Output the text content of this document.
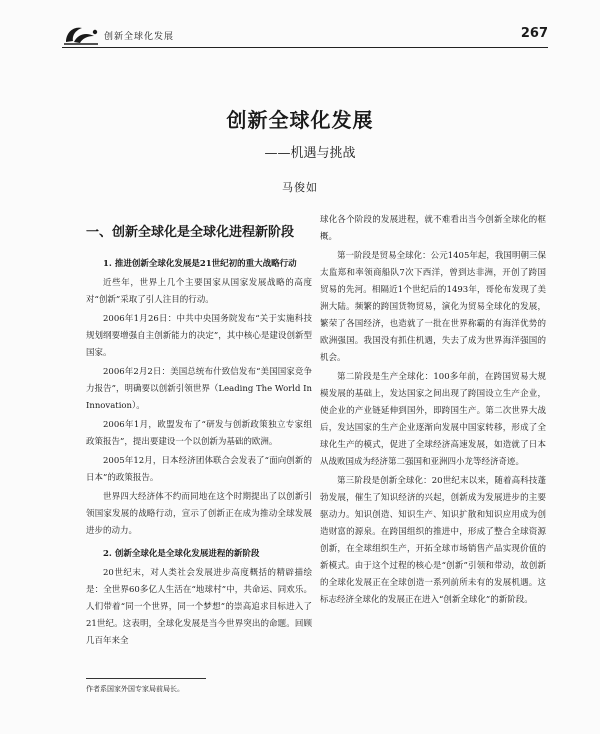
创新全球化发展	267
创新全球化发展
——机遇与挑战
马俊如
一、创新全球化是全球化进程新阶段
1. 推进创新全球化发展是21世纪初的重大战略行动

近些年，世界上几个主要国家从国家发展战略的高度对“创新”采取了引人注目的行动。

2006年1月26日：中共中央国务院发布“关于实施科技规划纲要增强自主创新能力的决定”，其中核心是建设创新型国家。

2006年2月2日：美国总统布什致信发布“美国国家竞争力报告”，明确要以创新引领世界（Leading The World In Innovation）。

2006年1月，欧盟发布了“研发与创新政策独立专家组政策报告”，提出要建设一个以创新为基础的欧洲。

2005年12月，日本经济团体联合会发表了“面向创新的日本”的政策报告。

世界四大经济体不约而同地在这个时期提出了以创新引领国家发展的战略行动，宣示了创新正在成为推动全球发展进步的动力。

2. 创新全球化是全球化发展进程的新阶段

20世纪末，对人类社会发展进步高度概括的精辟描绘是：全世界60多亿人生活在“地球村”中，共命运、同欢乐。人们带着“同一个世界，同一个梦想”的崇高追求目标进入了21世纪。这表明，全球化发展是当今世界突出的命题。回顾几百年来全

球化各个阶段的发展进程，就不难看出当今创新全球化的框概。

第一阶段是贸易全球化：公元1405年起，我国明朝三保太监郑和率领商船队7次下西洋，曾到达非洲，开创了跨国贸易的先河。相隔近1个世纪后的1493年，哥伦布发现了美洲大陆。频繁的跨国货物贸易，演化为贸易全球化的发展，繁荣了各国经济，也造就了一批在世界称霸的有海洋优势的欧洲强国。我国没有抓住机遇，失去了成为世界海洋强国的机会。

第二阶段是生产全球化：100多年前，在跨国贸易大规模发展的基础上，发达国家之间出现了跨国设立生产企业，使企业的产业链延伸到国外，即跨国生产。第二次世界大战后，发达国家的生产企业逐渐向发展中国家转移，形成了全球化生产的模式，促进了全球经济高速发展，如造就了日本从战败国成为经济第二强国和亚洲四小龙等经济奇迹。

第三阶段是创新全球化：20世纪末以来，随着高科技蓬勃发展，催生了知识经济的兴起，创新成为发展进步的主要驱动力。知识创造、知识生产、知识扩散和知识应用成为创造财富的源泉。在跨国组织的推进中，形成了整合全球资源创新，在全球组织生产，开拓全球市场销售产品实现价值的新模式。由于这个过程的核心是“创新”引领和带动，故创新的全球化发展正在全球创造一系列前所未有的发展机遇。这标志经济全球化的发展正在进入“创新全球化”的新阶段。

作者系国家外国专家局前局长。
